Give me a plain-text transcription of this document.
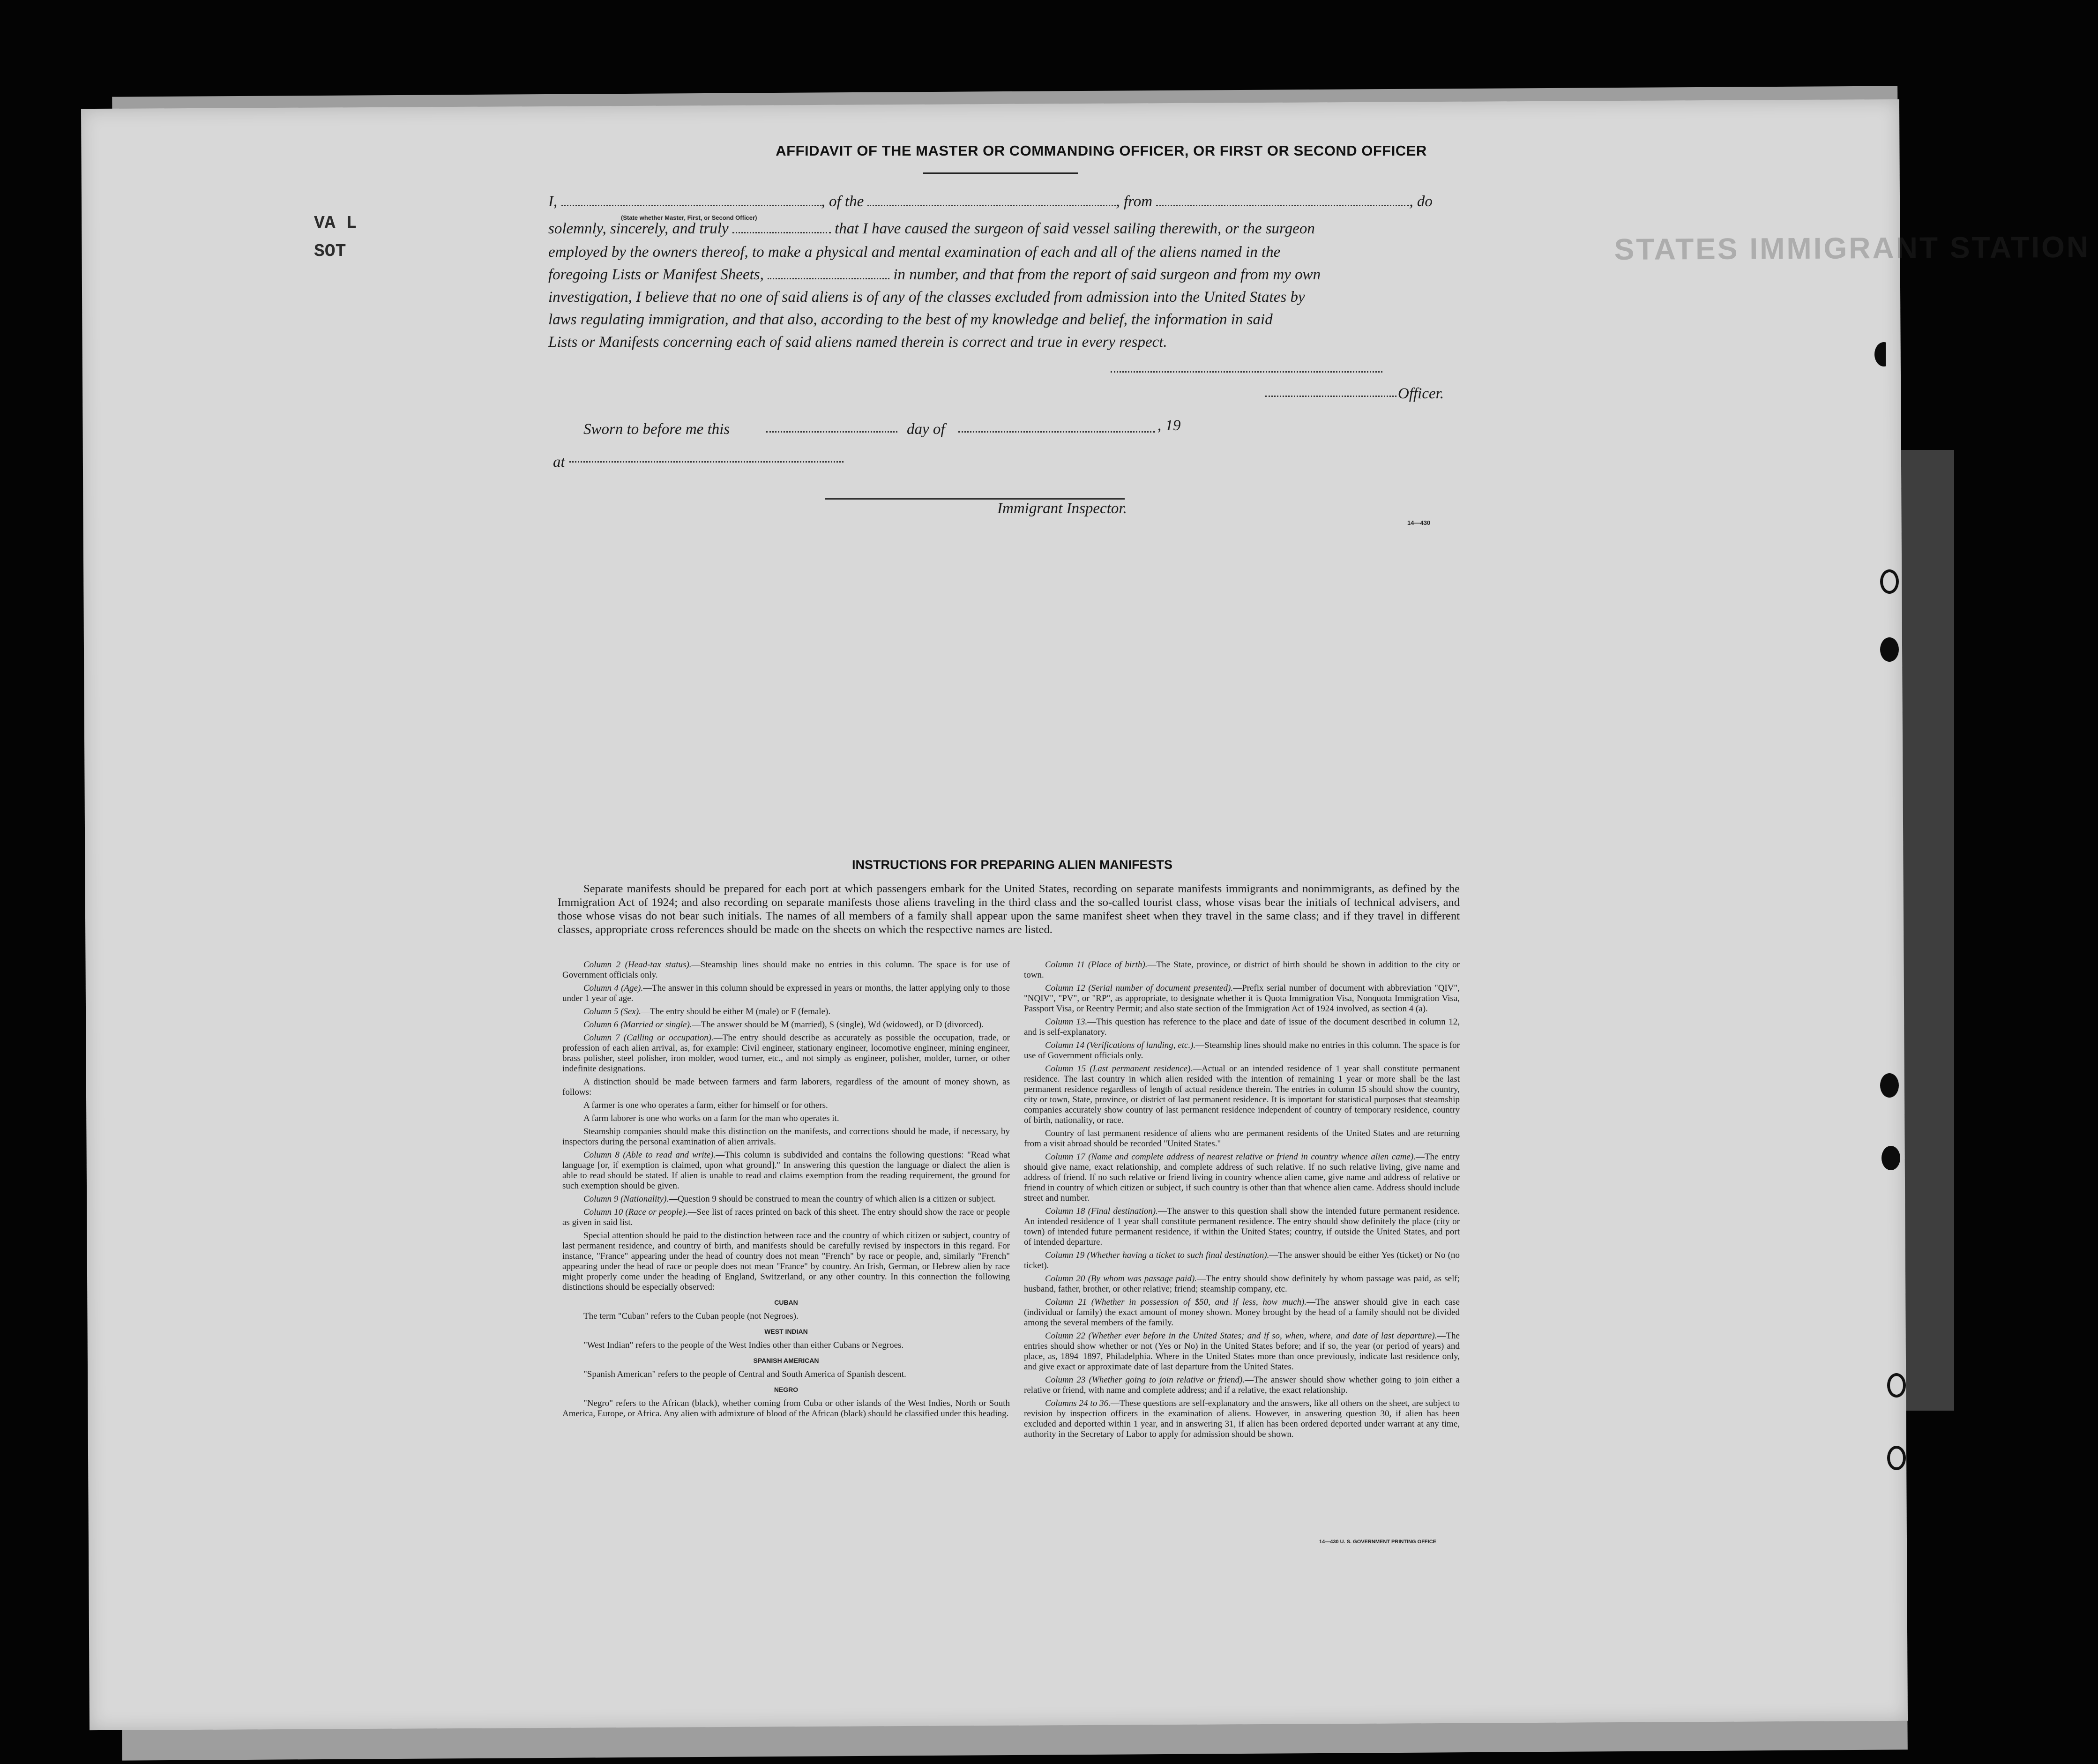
STATES IMMIGRANT STATION
VA L
SOT
AFFIDAVIT OF THE MASTER OR COMMANDING OFFICER, OR FIRST OR SECOND OFFICER
I,	, of the	, from	, do
(State whether Master, First, or Second Officer)
solemnly, sincerely, and truly	that I have caused the surgeon of said vessel sailing therewith, or the surgeon
employed by the owners thereof, to make a physical and mental examination of each and all of the aliens named in the
foregoing Lists or Manifest Sheets,	in number, and that from the report of said surgeon and from my own
investigation, I believe that no one of said aliens is of any of the classes excluded from admission into the United States by
laws regulating immigration, and that also, according to the best of my knowledge and belief, the information in said
Lists or Manifests concerning each of said aliens named therein is correct and true in every respect.
Officer.
Sworn to before me this	day of	, 19
at
Immigrant Inspector.
14—430
INSTRUCTIONS FOR PREPARING ALIEN MANIFESTS
Separate manifests should be prepared for each port at which passengers embark for the United States, recording on separate manifests immigrants and nonimmigrants, as defined by the Immigration Act of 1924; and also recording on separate manifests those aliens traveling in the third class and the so-called tourist class, whose visas bear the initials of technical advisers, and those whose visas do not bear such initials. The names of all members of a family shall appear upon the same manifest sheet when they travel in the same class; and if they travel in different classes, appropriate cross references should be made on the sheets on which the respective names are listed.

Column 2 (Head-tax status).—Steamship lines should make no entries in this column. The space is for use of Government officials only.

Column 4 (Age).—The answer in this column should be expressed in years or months, the latter applying only to those under 1 year of age.

Column 5 (Sex).—The entry should be either M (male) or F (female).

Column 6 (Married or single).—The answer should be M (married), S (single), Wd (widowed), or D (divorced).

Column 7 (Calling or occupation).—The entry should describe as accurately as possible the occupation, trade, or profession of each alien arrival, as, for example: Civil engineer, stationary engineer, locomotive engineer, mining engineer, brass polisher, steel polisher, iron molder, wood turner, etc., and not simply as engineer, polisher, molder, turner, or other indefinite designations.

A distinction should be made between farmers and farm laborers, regardless of the amount of money shown, as follows:

A farmer is one who operates a farm, either for himself or for others.

A farm laborer is one who works on a farm for the man who operates it.

Steamship companies should make this distinction on the manifests, and corrections should be made, if necessary, by inspectors during the personal examination of alien arrivals.

Column 8 (Able to read and write).—This column is subdivided and contains the following questions: "Read what language [or, if exemption is claimed, upon what ground]." In answering this question the language or dialect the alien is able to read should be stated. If alien is unable to read and claims exemption from the reading requirement, the ground for such exemption should be given.

Column 9 (Nationality).—Question 9 should be construed to mean the country of which alien is a citizen or subject.

Column 10 (Race or people).—See list of races printed on back of this sheet. The entry should show the race or people as given in said list.

Special attention should be paid to the distinction between race and the country of which citizen or subject, country of last permanent residence, and country of birth, and manifests should be carefully revised by inspectors in this regard. For instance, "France" appearing under the head of country does not mean "French" by race or people, and, similarly "French" appearing under the head of race or people does not mean "France" by country. An Irish, German, or Hebrew alien by race might properly come under the heading of England, Switzerland, or any other country. In this connection the following distinctions should be especially observed:

CUBAN

The term "Cuban" refers to the Cuban people (not Negroes).

WEST INDIAN

"West Indian" refers to the people of the West Indies other than either Cubans or Negroes.

SPANISH AMERICAN

"Spanish American" refers to the people of Central and South America of Spanish descent.

NEGRO

"Negro" refers to the African (black), whether coming from Cuba or other islands of the West Indies, North or South America, Europe, or Africa. Any alien with admixture of blood of the African (black) should be classified under this heading.

Column 11 (Place of birth).—The State, province, or district of birth should be shown in addition to the city or town.

Column 12 (Serial number of document presented).—Prefix serial number of document with abbreviation "QIV", "NQIV", "PV", or "RP", as appropriate, to designate whether it is Quota Immigration Visa, Nonquota Immigration Visa, Passport Visa, or Reentry Permit; and also state section of the Immigration Act of 1924 involved, as section 4 (a).

Column 13.—This question has reference to the place and date of issue of the document described in column 12, and is self-explanatory.

Column 14 (Verifications of landing, etc.).—Steamship lines should make no entries in this column. The space is for use of Government officials only.

Column 15 (Last permanent residence).—Actual or an intended residence of 1 year shall constitute permanent residence. The last country in which alien resided with the intention of remaining 1 year or more shall be the last permanent residence regardless of length of actual residence therein. The entries in column 15 should show the country, city or town, State, province, or district of last permanent residence. It is important for statistical purposes that steamship companies accurately show country of last permanent residence independent of country of temporary residence, country of birth, nationality, or race.

Country of last permanent residence of aliens who are permanent residents of the United States and are returning from a visit abroad should be recorded "United States."

Column 17 (Name and complete address of nearest relative or friend in country whence alien came).—The entry should give name, exact relationship, and complete address of such relative. If no such relative living, give name and address of friend. If no such relative or friend living in country whence alien came, give name and address of relative or friend in country of which citizen or subject, if such country is other than that whence alien came. Address should include street and number.

Column 18 (Final destination).—The answer to this question shall show the intended future permanent residence. An intended residence of 1 year shall constitute permanent residence. The entry should show definitely the place (city or town) of intended future permanent residence, if within the United States; country, if outside the United States, and port of intended departure.

Column 19 (Whether having a ticket to such final destination).—The answer should be either Yes (ticket) or No (no ticket).

Column 20 (By whom was passage paid).—The entry should show definitely by whom passage was paid, as self; husband, father, brother, or other relative; friend; steamship company, etc.

Column 21 (Whether in possession of $50, and if less, how much).—The answer should give in each case (individual or family) the exact amount of money shown. Money brought by the head of a family should not be divided among the several members of the family.

Column 22 (Whether ever before in the United States; and if so, when, where, and date of last departure).—The entries should show whether or not (Yes or No) in the United States before; and if so, the year (or period of years) and place, as, 1894–1897, Philadelphia. Where in the United States more than once previously, indicate last residence only, and give exact or approximate date of last departure from the United States.

Column 23 (Whether going to join relative or friend).—The answer should show whether going to join either a relative or friend, with name and complete address; and if a relative, the exact relationship.

Columns 24 to 36.—These questions are self-explanatory and the answers, like all others on the sheet, are subject to revision by inspection officers in the examination of aliens. However, in answering question 30, if alien has been excluded and deported within 1 year, and in answering 31, if alien has been ordered deported under warrant at any time, authority in the Secretary of Labor to apply for admission should be shown.

14—430 U. S. GOVERNMENT PRINTING OFFICE
